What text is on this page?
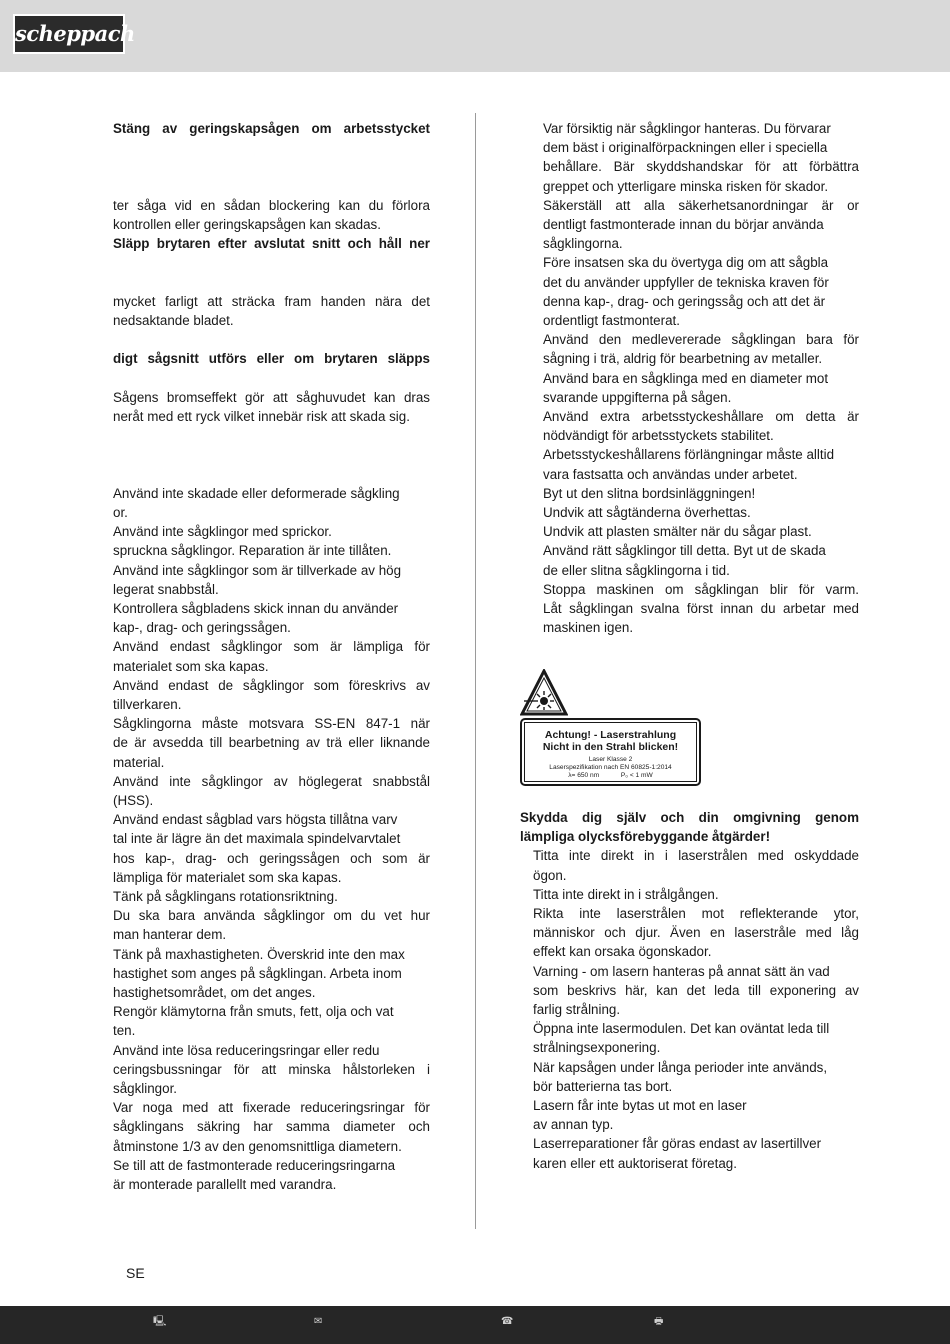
scheppach
Stäng av geringskapsågen om arbetsstycket
ter såga vid en sådan blockering kan du förlora
kontrollen eller geringskapsågen kan skadas.
Släpp brytaren efter avslutat snitt och håll ner
mycket farligt att sträcka fram handen nära det
nedsaktande bladet.
digt sågsnitt utförs eller om brytaren släpps
Sågens bromseffekt gör att såghuvudet kan dras
neråt med ett ryck vilket innebär risk att skada sig.
Använd inte skadade eller deformerade sågkling
or.
Använd inte sågklingor med sprickor.
spruckna sågklingor. Reparation är inte tillåten.
Använd inte sågklingor som är tillverkade av hög
legerat snabbstål.
Kontrollera sågbladens skick innan du använder
kap-, drag- och geringssågen.
Använd endast sågklingor som är lämpliga för
materialet som ska kapas.
Använd endast de sågklingor som föreskrivs av
tillverkaren.
Sågklingorna måste motsvara SS-EN 847-1 när
de är avsedda till bearbetning av trä eller liknande
material.
Använd inte sågklingor av höglegerat snabbstål
(HSS).
Använd endast sågblad vars högsta tillåtna varv
tal inte är lägre än det maximala spindelvarvtalet
hos kap-, drag- och geringssågen och som är
lämpliga för materialet som ska kapas.
Tänk på sågklingans rotationsriktning.
Du ska bara använda sågklingor om du vet hur
man hanterar dem.
Tänk på maxhastigheten. Överskrid inte den max
hastighet som anges på sågklingan. Arbeta inom
hastighetsområdet, om det anges.
Rengör klämytorna från smuts, fett, olja och vat
ten.
Använd inte lösa reduceringsringar eller redu
ceringsbussningar för att minska hålstorleken i
sågklingor.
Var noga med att fixerade reduceringsringar för
sågklingans säkring har samma diameter och
åtminstone 1/3 av den genomsnittliga diametern.
Se till att de fastmonterade reduceringsringarna
är monterade parallellt med varandra.
Var försiktig när sågklingor hanteras. Du förvarar
dem bäst i originalförpackningen eller i speciella
behållare. Bär skyddshandskar för att förbättra
greppet och ytterligare minska risken för skador.
Säkerställ att alla säkerhetsanordningar är or
dentligt fastmonterade innan du börjar använda
sågklingorna.
Före insatsen ska du övertyga dig om att sågbla
det du använder uppfyller de tekniska kraven för
denna kap-, drag- och geringssåg och att det är
ordentligt fastmonterat.
Använd den medlevererade sågklingan bara för
sågning i trä, aldrig för bearbetning av metaller.
Använd bara en sågklinga med en diameter mot
svarande uppgifterna på sågen.
Använd extra arbetsstyckeshållare om detta är
nödvändigt för arbetsstyckets stabilitet.
Arbetsstyckeshållarens förlängningar måste alltid
vara fastsatta och användas under arbetet.
Byt ut den slitna bordsinläggningen!
Undvik att sågtänderna överhettas.
Undvik att plasten smälter när du sågar plast.
Använd rätt sågklingor till detta. Byt ut de skada
de eller slitna sågklingorna i tid.
Stoppa maskinen om sågklingan blir för varm.
Låt sågklingan svalna först innan du arbetar med
maskinen igen.
Achtung! - Laserstrahlung
Nicht in den Strahl blicken!
Laser Klasse 2
Laserspezifikation nach EN 60825-1:2014
λ= 650 nm	P₀ < 1 mW
Skydda dig själv och din omgivning genom
lämpliga olycksförebyggande åtgärder!
Titta inte direkt in i laserstrålen med oskyddade
ögon.
Titta inte direkt in i strålgången.
Rikta inte laserstrålen mot reflekterande ytor,
människor och djur. Även en laserstråle med låg
effekt kan orsaka ögonskador.
Varning - om lasern hanteras på annat sätt än vad
som beskrivs här, kan det leda till exponering av
farlig strålning.
Öppna inte lasermodulen. Det kan oväntat leda till
strålningsexponering.
När kapsågen under långa perioder inte används,
bör batterierna tas bort.
Lasern får inte bytas ut mot en laser
av annan typ.
Laserreparationer får göras endast av lasertillver
karen eller ett auktoriserat företag.
SE
🖳	✉	☎	🖶
